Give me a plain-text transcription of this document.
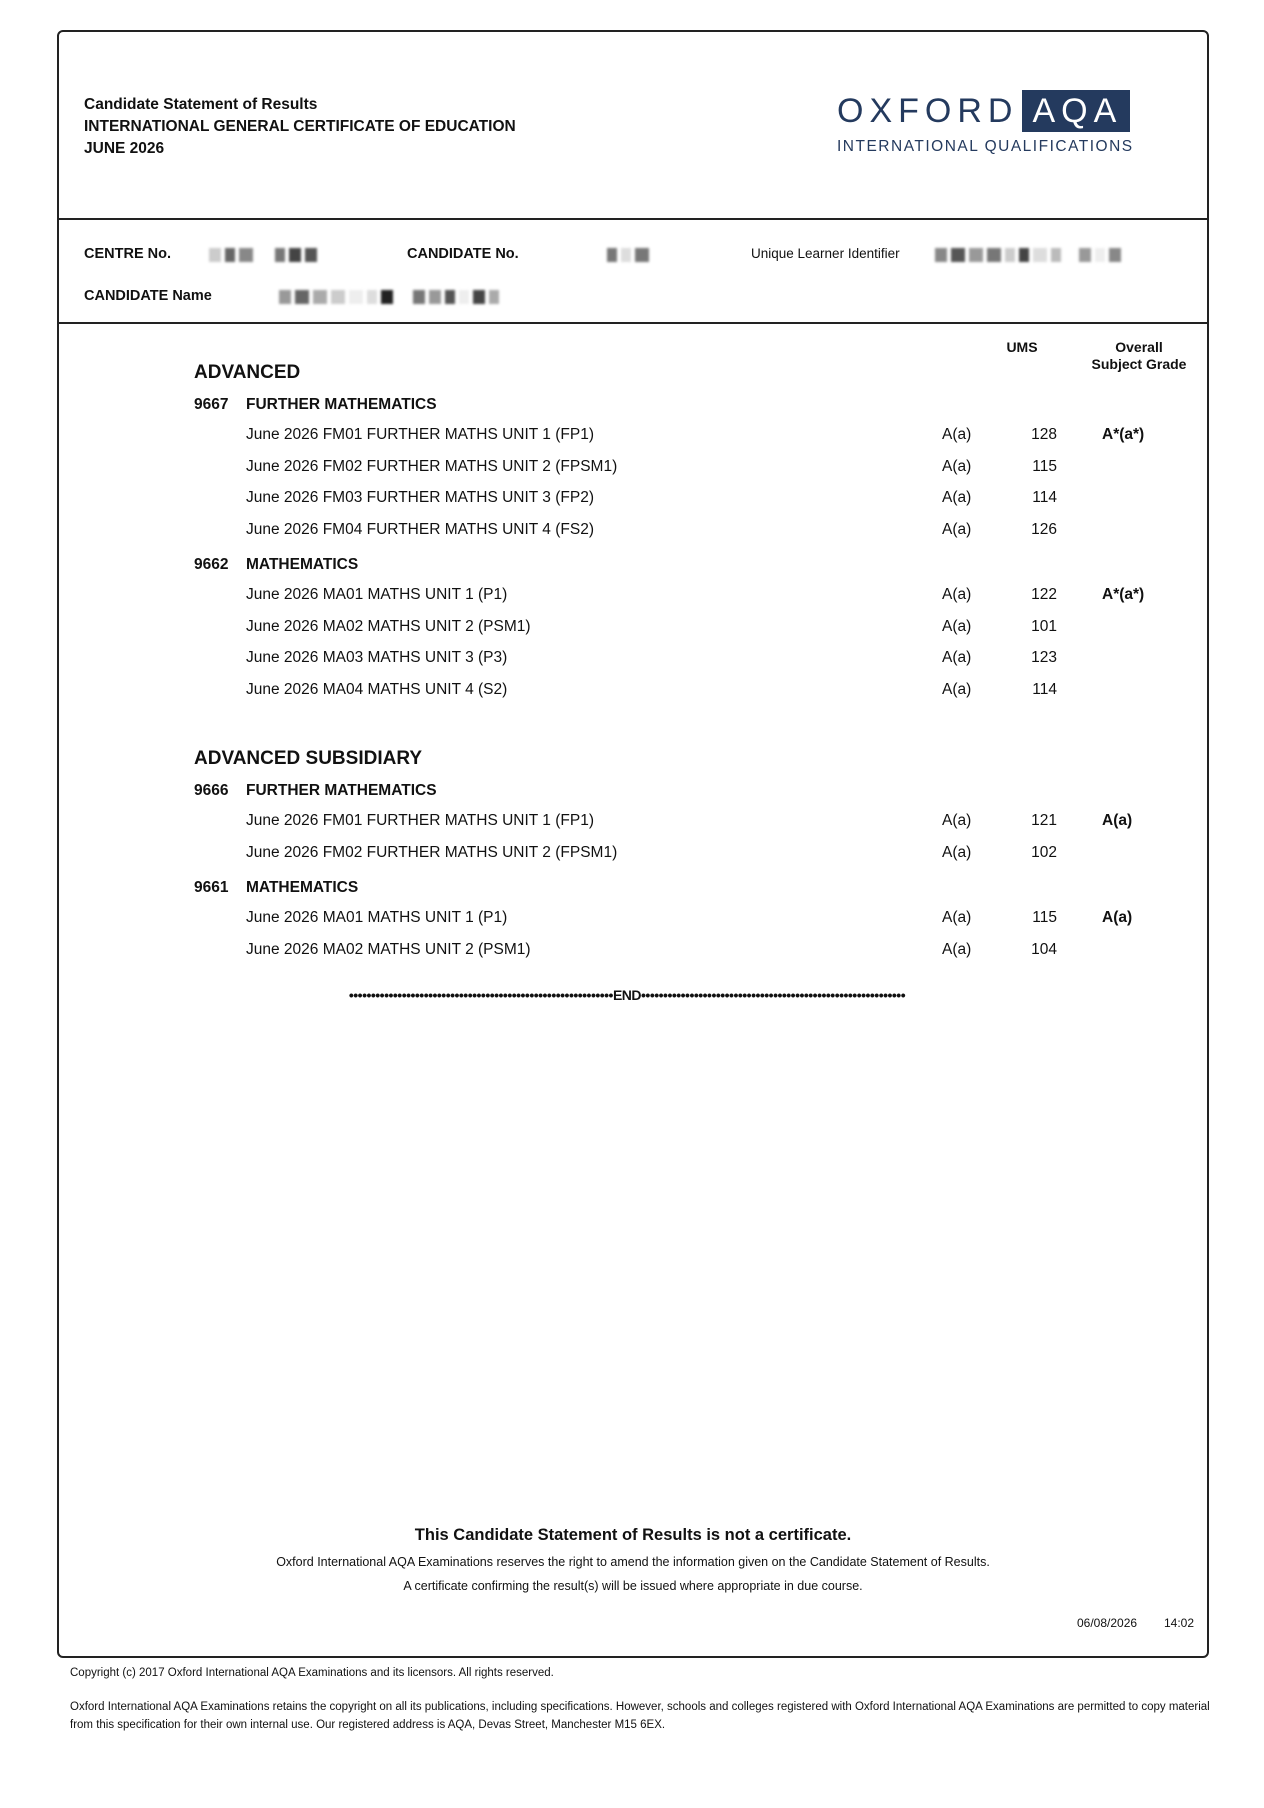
Candidate Statement of Results
INTERNATIONAL GENERAL CERTIFICATE OF EDUCATION
JUNE 2026
OXFORD AQA
INTERNATIONAL QUALIFICATIONS
CENTRE No.	CANDIDATE No.	Unique Learner Identifier
CANDIDATE Name
UMS	Overall
Subject Grade
ADVANCED
9667 FURTHER MATHEMATICS
June 2026 FM01 FURTHER MATHS UNIT 1 (FP1)	A(a)	128	A*(a*)
June 2026 FM02 FURTHER MATHS UNIT 2 (FPSM1)	A(a)	115
June 2026 FM03 FURTHER MATHS UNIT 3 (FP2)	A(a)	114
June 2026 FM04 FURTHER MATHS UNIT 4 (FS2)	A(a)	126
9662 MATHEMATICS
June 2026 MA01 MATHS UNIT 1 (P1)	A(a)	122	A*(a*)
June 2026 MA02 MATHS UNIT 2 (PSM1)	A(a)	101
June 2026 MA03 MATHS UNIT 3 (P3)	A(a)	123
June 2026 MA04 MATHS UNIT 4 (S2)	A(a)	114
ADVANCED SUBSIDIARY
9666 FURTHER MATHEMATICS
June 2026 FM01 FURTHER MATHS UNIT 1 (FP1)	A(a)	121	A(a)
June 2026 FM02 FURTHER MATHS UNIT 2 (FPSM1)	A(a)	102
9661 MATHEMATICS
June 2026 MA01 MATHS UNIT 1 (P1)	A(a)	115	A(a)
June 2026 MA02 MATHS UNIT 2 (PSM1)	A(a)	104
••••••••••••••••••••••••••••••••••••••••••••••••••••••••••••END••••••••••••••••••••••••••••••••••••••••••••••••••••••••••••
This Candidate Statement of Results is not a certificate.
Oxford International AQA Examinations reserves the right to amend the information given on the Candidate Statement of Results.
A certificate confirming the result(s) will be issued where appropriate in due course.
06/08/2026 14:02
Copyright (c) 2017 Oxford International AQA Examinations and its licensors. All rights reserved.
Oxford International AQA Examinations retains the copyright on all its publications, including specifications. However, schools and colleges registered with Oxford International AQA Examinations are permitted to copy material from this specification for their own internal use. Our registered address is AQA, Devas Street, Manchester M15 6EX.
